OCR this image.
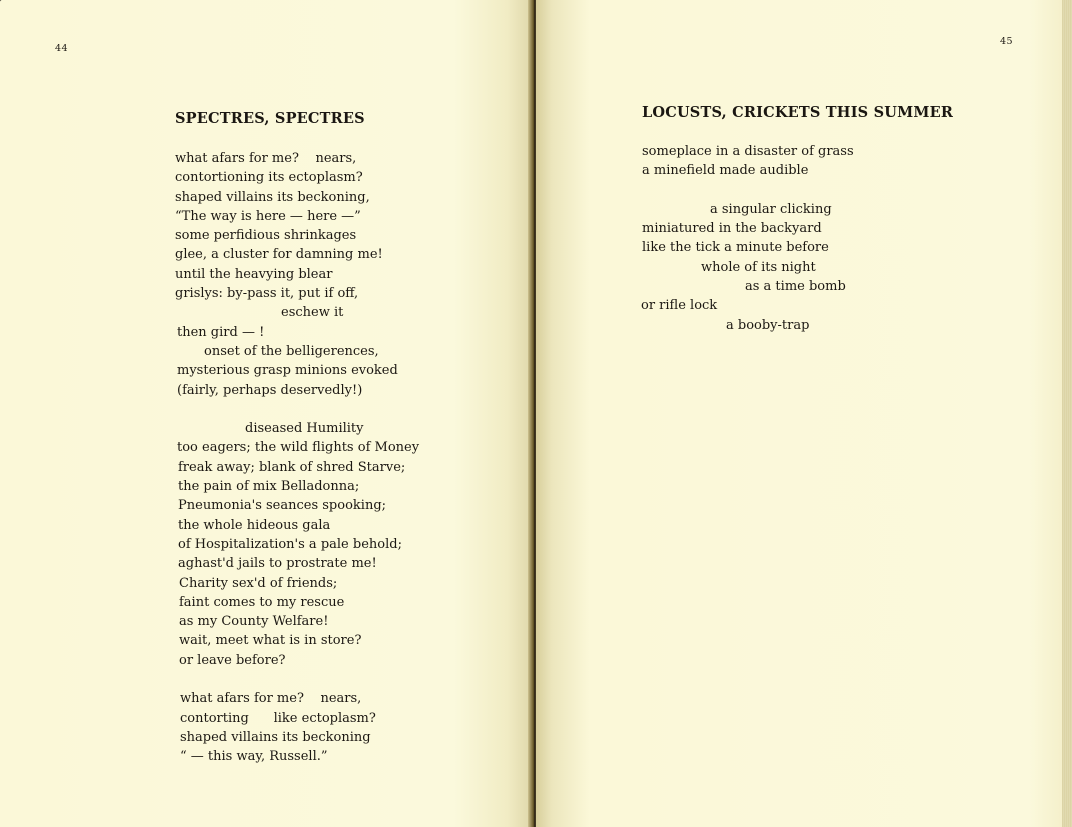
44
SPECTRES, SPECTRES
what afars for me?    nears,
contortioning its ectoplasm?
shaped villains its beckoning,
“The way is here — here —”
some perfidious shrinkages
glee, a cluster for damning me!
until the heavying blear
grislys: by-pass it, put if off,
eschew it
then gird — !
onset of the belligerences,
mysterious grasp minions evoked
(fairly, perhaps deservedly!)
diseased Humility
too eagers; the wild flights of Money
freak away; blank of shred Starve;
the pain of mix Belladonna;
Pneumonia's seances spooking;
the whole hideous gala
of Hospitalization's a pale behold;
aghast'd jails to prostrate me!
Charity sex'd of friends;
faint comes to my rescue
as my County Welfare!
wait, meet what is in store?
or leave before?
what afars for me?    nears,
contorting      like ectoplasm?
shaped villains its beckoning
“ — this way, Russell.”
45
LOCUSTS, CRICKETS THIS SUMMER
someplace in a disaster of grass
a minefield made audible
a singular clicking
miniatured in the backyard
like the tick a minute before
whole of its night
as a time bomb
or rifle lock
a booby-trap
